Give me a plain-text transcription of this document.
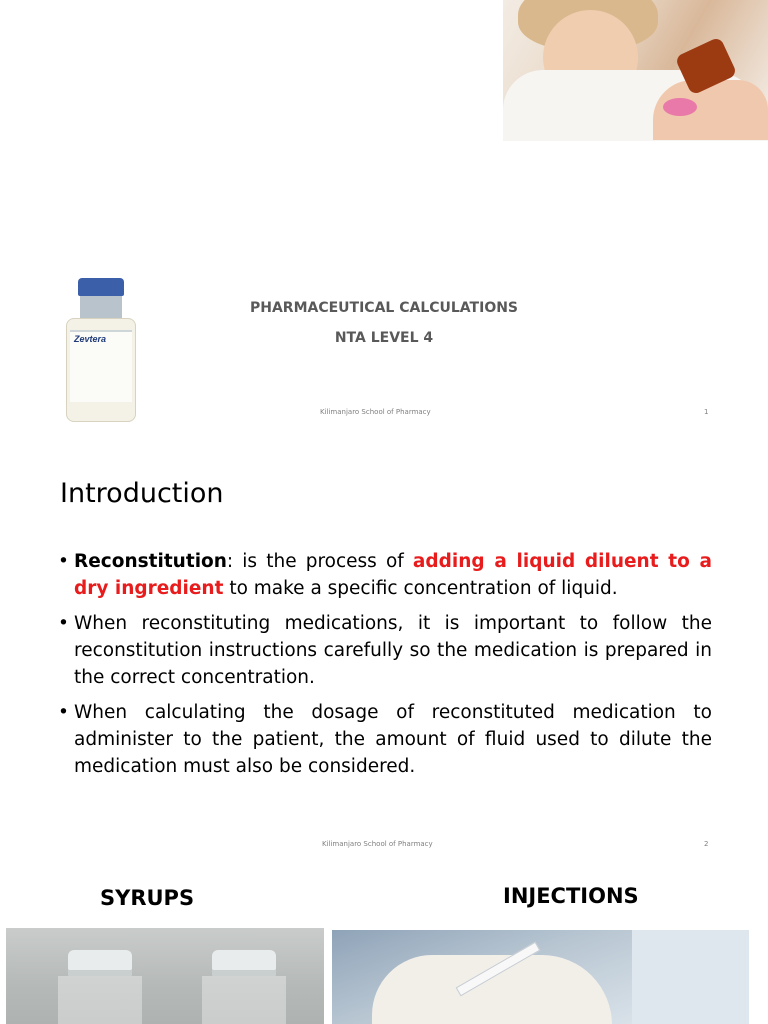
Zevtera
PHARMACEUTICAL CALCULATIONS
NTA LEVEL 4
Kilimanjaro School of Pharmacy	1
Introduction
• Reconstitution: is the process of adding a liquid diluent to a dry ingredient to make a specific concentration of liquid.
• When reconstituting medications, it is important to follow the reconstitution instructions carefully so the medication is prepared in the correct concentration.
• When calculating the dosage of reconstituted medication to administer to the patient, the amount of fluid used to dilute the medication must also be considered.
Kilimanjaro School of Pharmacy	2
SYRUPS	INJECTIONS
